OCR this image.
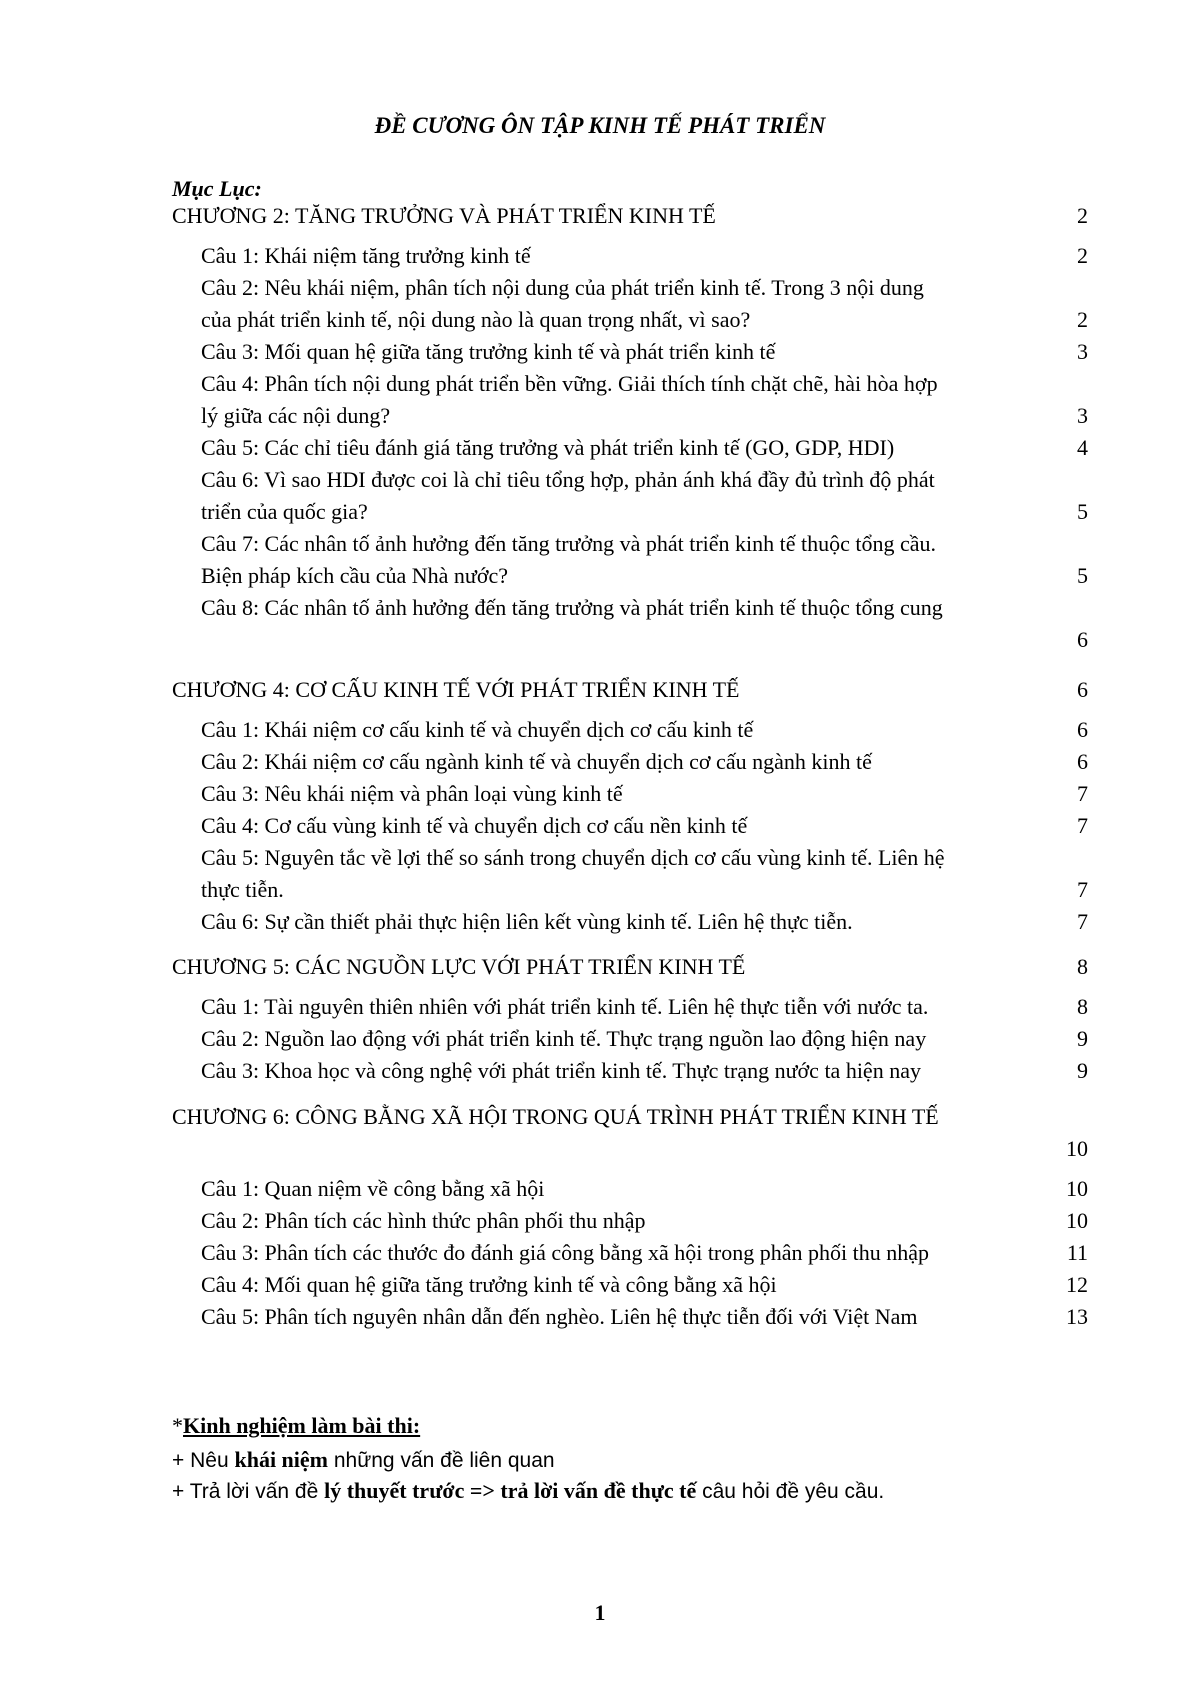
ĐỀ CƯƠNG ÔN TẬP KINH TẾ PHÁT TRIỂN
Mục Lục:
CHƯƠNG 2: TĂNG TRƯỞNG VÀ PHÁT TRIỂN KINH TẾ	2
Câu 1: Khái niệm tăng trưởng kinh tế	2
Câu 2: Nêu khái niệm, phân tích nội dung của phát triển kinh tế. Trong 3 nội dung
của phát triển kinh tế, nội dung nào là quan trọng nhất, vì sao?	2
Câu 3: Mối quan hệ giữa tăng trưởng kinh tế và phát triển kinh tế	3
Câu 4: Phân tích nội dung phát triển bền vững. Giải thích tính chặt chẽ, hài hòa hợp
lý giữa các nội dung?	3
Câu 5: Các chỉ tiêu đánh giá tăng trưởng và phát triển kinh tế (GO, GDP, HDI)	4
Câu 6: Vì sao HDI được coi là chỉ tiêu tổng hợp, phản ánh khá đầy đủ trình độ phát
triển của quốc gia?	5
Câu 7: Các nhân tố ảnh hưởng đến tăng trưởng và phát triển kinh tế thuộc tổng cầu.
Biện pháp kích cầu của Nhà nước?	5
Câu 8: Các nhân tố ảnh hưởng đến tăng trưởng và phát triển kinh tế thuộc tổng cung
6
CHƯƠNG 4: CƠ CẤU KINH TẾ VỚI PHÁT TRIỂN KINH TẾ	6
Câu 1: Khái niệm cơ cấu kinh tế và chuyển dịch cơ cấu kinh tế	6
Câu 2: Khái niệm cơ cấu ngành kinh tế và chuyển dịch cơ cấu ngành kinh tế	6
Câu 3: Nêu khái niệm và phân loại vùng kinh tế	7
Câu 4: Cơ cấu vùng kinh tế và chuyển dịch cơ cấu nền kinh tế	7
Câu 5: Nguyên tắc về lợi thế so sánh trong chuyển dịch cơ cấu vùng kinh tế. Liên hệ
thực tiễn.	7
Câu 6: Sự cần thiết phải thực hiện liên kết vùng kinh tế. Liên hệ thực tiễn.	7
CHƯƠNG 5: CÁC NGUỒN LỰC VỚI PHÁT TRIỂN KINH TẾ	8
Câu 1: Tài nguyên thiên nhiên với phát triển kinh tế. Liên hệ thực tiễn với nước ta.	8
Câu 2: Nguồn lao động với phát triển kinh tế. Thực trạng nguồn lao động hiện nay	9
Câu 3: Khoa học và công nghệ với phát triển kinh tế. Thực trạng nước ta hiện nay	9
CHƯƠNG 6: CÔNG BẰNG XÃ HỘI TRONG QUÁ TRÌNH PHÁT TRIỂN KINH TẾ
10
Câu 1: Quan niệm về công bằng xã hội	10
Câu 2: Phân tích các hình thức phân phối thu nhập	10
Câu 3: Phân tích các thước đo đánh giá công bằng xã hội trong phân phối thu nhập	11
Câu 4: Mối quan hệ giữa tăng trưởng kinh tế và công bằng xã hội	12
Câu 5: Phân tích nguyên nhân dẫn đến nghèo. Liên hệ thực tiễn đối với Việt Nam	13
*Kinh nghiệm làm bài thi:
+ Nêu khái niệm những vấn đề liên quan
+ Trả lời vấn đề lý thuyết trước => trả lời vấn đề thực tế câu hỏi đề yêu cầu.
1
